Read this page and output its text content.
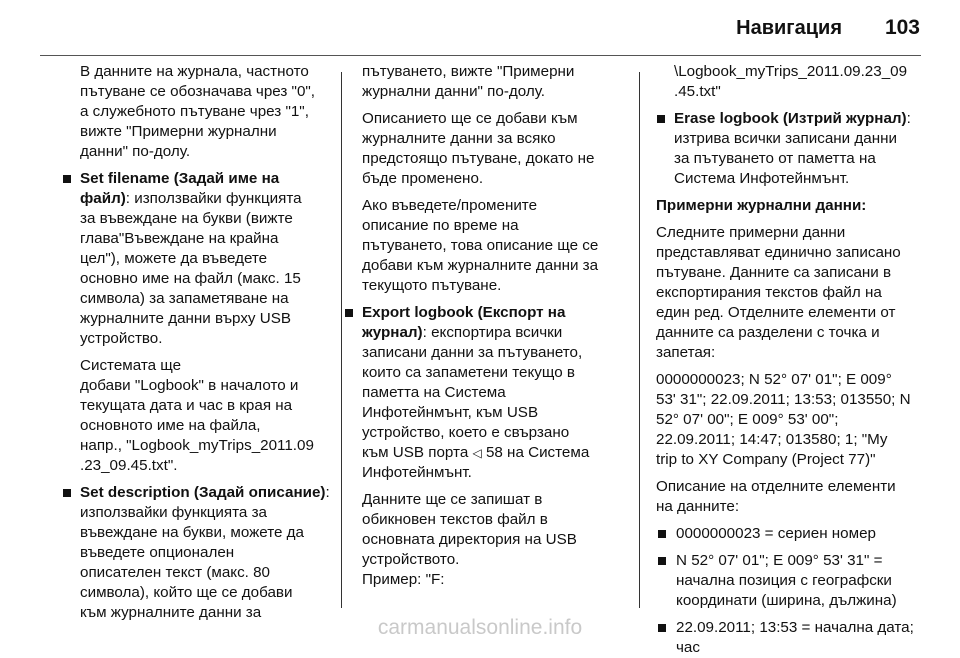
Навигация 103
В данните на журнала, частното
пътуване се обозначава чрез "0",
а служебното пътуване чрез "1",
вижте "Примерни журнални
данни" по-долу.
Set filename (Задай име на
файл): използвайки функцията
за въвеждане на букви (вижте
глава"Въвеждане на крайна
цел"), можете да въведете
основно име на файл (макс. 15
символа) за запаметяване на
журналните данни върху USB
устройство.
Системата ще
добави "Logbook" в началото и
текущата дата и час в края на
основното име на файла,
напр., "Logbook_myTrips_2011.09
.23_09.45.txt".
Set description (Задай описание):
използвайки функцията за
въвеждане на букви, можете да
въведете опционален
описателен текст (макс. 80
символа), който ще се добави
към журналните данни за
пътуването, вижте "Примерни
журнални данни" по-долу.
Описанието ще се добави към
журналните данни за всяко
предстоящо пътуване, докато не
бъде променено.
Ако въведете/промените
описание по време на
пътуването, това описание ще се
добави към журналните данни за
текущото пътуване.
Export logbook (Експорт на
журнал): експортира всички
записани данни за пътуването,
които са запаметени текущо в
паметта на Система
Инфотейнмънт, към USB
устройство, което е свързано
към USB порта ◁ 58 на Система
Инфотейнмънт.
Данните ще се запишат в
обикновен текстов файл в
основната директория на USB
устройството.
Пример: "F:
\Logbook_myTrips_2011.09.23_09
.45.txt"
Erase logbook (Изтрий журнал):
изтрива всички записани данни
за пътуването от паметта на
Система Инфотейнмънт.
Примерни журнални данни:
Следните примерни данни
представляват единично записано
пътуване. Данните са записани в
експортирания текстов файл на
един ред. Отделните елементи от
данните са разделени с точка и
запетая:
0000000023; N 52° 07' 01"; E 009°
53' 31"; 22.09.2011; 13:53; 013550; N
52° 07' 00"; E 009° 53' 00";
22.09.2011; 14:47; 013580; 1; "My
trip to XY Company (Project 77)"
Описание на отделните елементи
на данните:
0000000023 = сериен номер
N 52° 07' 01"; E 009° 53' 31" =
начална позиция с географски
координати (ширина, дължина)
22.09.2011; 13:53 = начална дата;
час
carmanualsonline.info
